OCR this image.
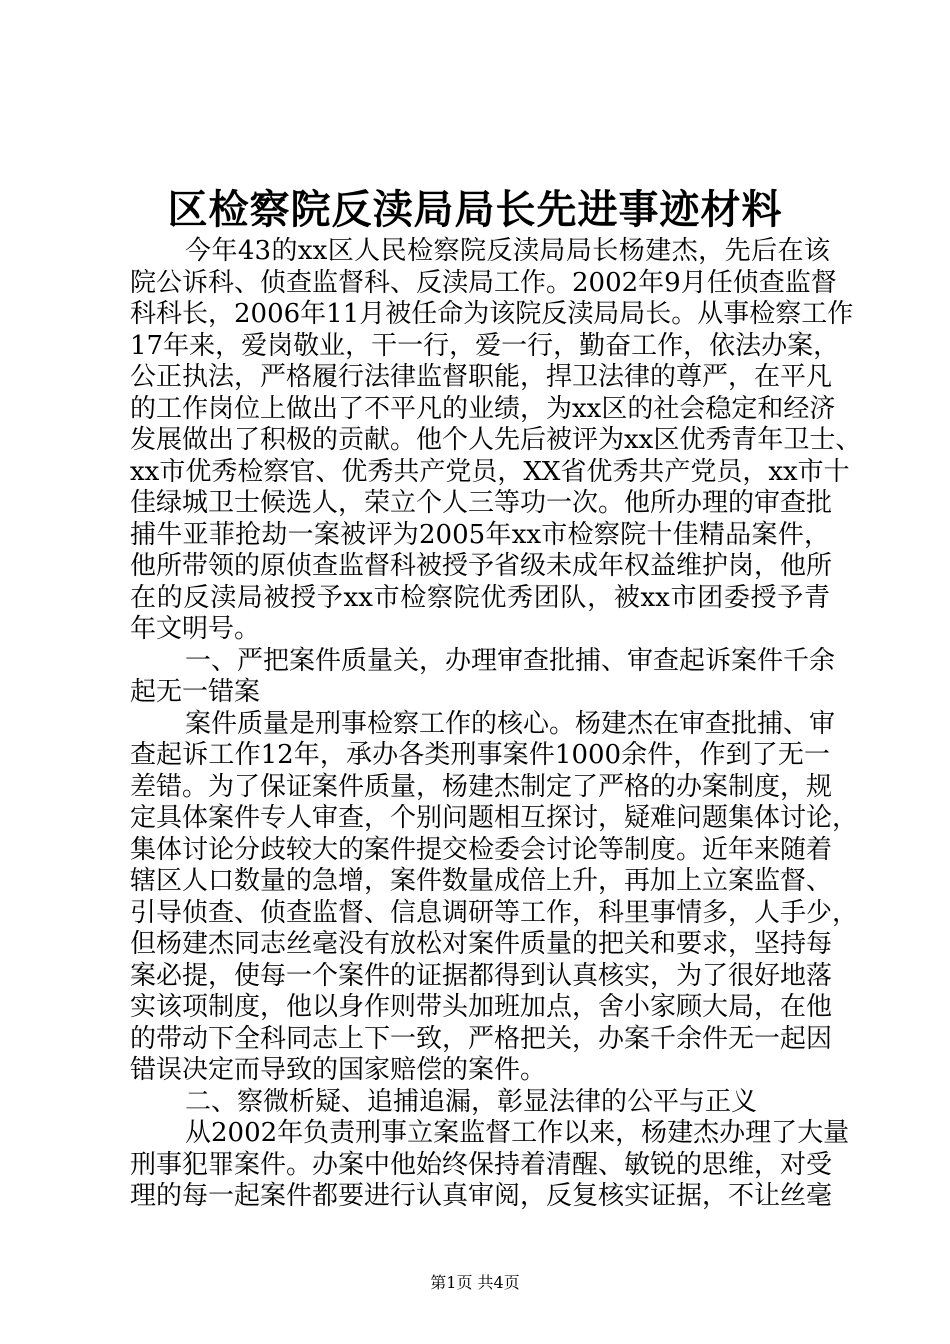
区检察院反渎局局长先进事迹材料
今年43的xx区人民检察院反渎局局长杨建杰，先后在该
院公诉科、侦查监督科、反渎局工作。2002年9月任侦查监督
科科长，2006年11月被任命为该院反渎局局长。从事检察工作
17年来，爱岗敬业，干一行，爱一行，勤奋工作，依法办案，
公正执法，严格履行法律监督职能，捍卫法律的尊严，在平凡
的工作岗位上做出了不平凡的业绩，为xx区的社会稳定和经济
发展做出了积极的贡献。他个人先后被评为xx区优秀青年卫士、
xx市优秀检察官、优秀共产党员，XX省优秀共产党员，xx市十
佳绿城卫士候选人，荣立个人三等功一次。他所办理的审查批
捕牛亚菲抢劫一案被评为2005年xx市检察院十佳精品案件，
他所带领的原侦查监督科被授予省级未成年权益维护岗，他所
在的反渎局被授予xx市检察院优秀团队，被xx市团委授予青
年文明号。
一、严把案件质量关，办理审查批捕、审查起诉案件千余
起无一错案
案件质量是刑事检察工作的核心。杨建杰在审查批捕、审
查起诉工作12年，承办各类刑事案件1000余件，作到了无一
差错。为了保证案件质量，杨建杰制定了严格的办案制度，规
定具体案件专人审查，个别问题相互探讨，疑难问题集体讨论，
集体讨论分歧较大的案件提交检委会讨论等制度。近年来随着
辖区人口数量的急增，案件数量成倍上升，再加上立案监督、
引导侦查、侦查监督、信息调研等工作，科里事情多，人手少，
但杨建杰同志丝毫没有放松对案件质量的把关和要求，坚持每
案必提，使每一个案件的证据都得到认真核实，为了很好地落
实该项制度，他以身作则带头加班加点，舍小家顾大局，在他
的带动下全科同志上下一致，严格把关，办案千余件无一起因
错误决定而导致的国家赔偿的案件。
二、察微析疑、追捕追漏，彰显法律的公平与正义
从2002年负责刑事立案监督工作以来，杨建杰办理了大量
刑事犯罪案件。办案中他始终保持着清醒、敏锐的思维，对受
理的每一起案件都要进行认真审阅，反复核实证据，不让丝毫
第1页 共4页
